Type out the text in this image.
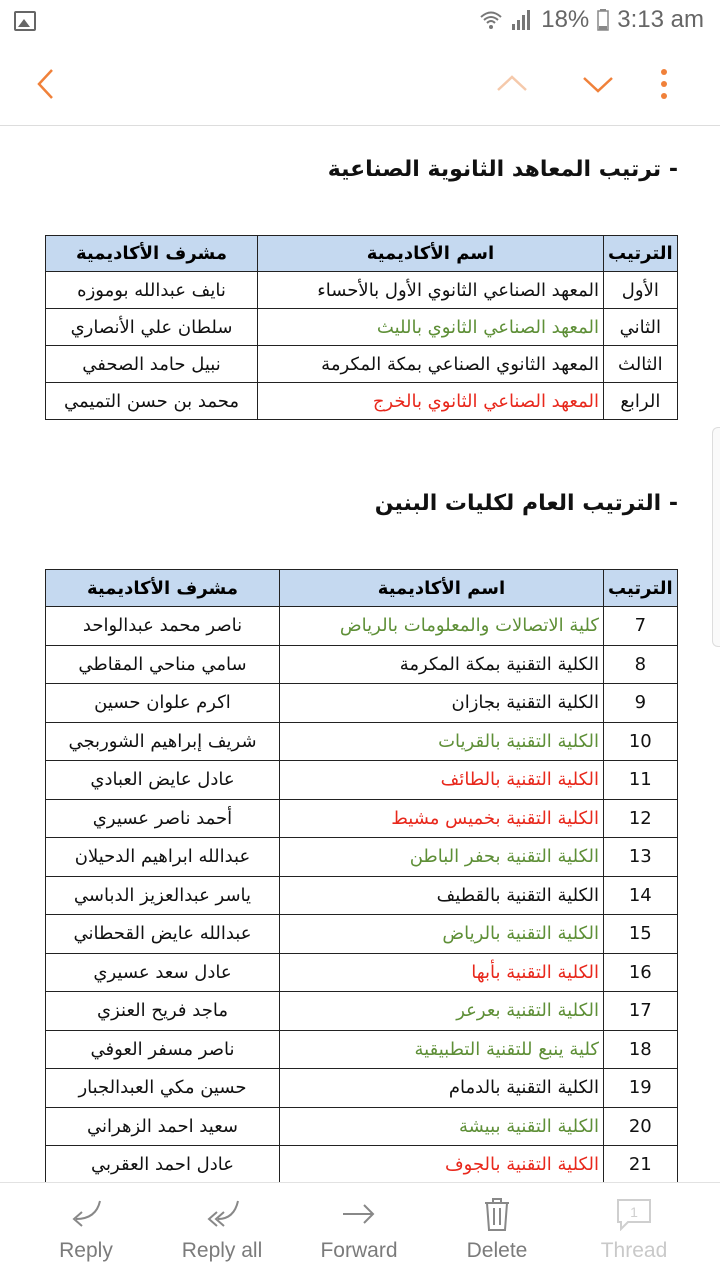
18% 3:13 am
- ترتيب المعاهد الثانوية الصناعية
الترتيب	اسم الأكاديمية	مشرف الأكاديمية
الأول	المعهد الصناعي الثانوي الأول بالأحساء	نايف عبدالله بوموزه
الثاني	المعهد الصناعي الثانوي بالليث	سلطان علي الأنصاري
الثالث	المعهد الثانوي الصناعي بمكة المكرمة	نبيل حامد الصحفي
الرابع	المعهد الصناعي الثانوي بالخرج	محمد بن حسن التميمي
- الترتيب العام لكليات البنين
الترتيب	اسم الأكاديمية	مشرف الأكاديمية
7	كلية الاتصالات والمعلومات بالرياض	ناصر محمد عبدالواحد
8	الكلية التقنية بمكة المكرمة	سامي مناحي المقاطي
9	الكلية التقنية بجازان	اكرم علوان حسين
10	الكلية التقنية بالقريات	شريف إبراهيم الشوربجي
11	الكلية التقنية بالطائف	عادل عايض العبادي
12	الكلية التقنية بخميس مشيط	أحمد ناصر عسيري
13	الكلية التقنية بحفر الباطن	عبدالله ابراهيم الدحيلان
14	الكلية التقنية بالقطيف	ياسر عبدالعزيز الدباسي
15	الكلية التقنية بالرياض	عبدالله عايض القحطاني
16	الكلية التقنية بأبها	عادل سعد عسيري
17	الكلية التقنية بعرعر	ماجد فريح العنزي
18	كلية ينبع للتقنية التطبيقية	ناصر مسفر العوفي
19	الكلية التقنية بالدمام	حسين مكي العبدالجبار
20	الكلية التقنية ببيشة	سعيد احمد الزهراني
21	الكلية التقنية بالجوف	عادل احمد العقربي
Reply	Reply all	Forward	Delete
1
Thread
